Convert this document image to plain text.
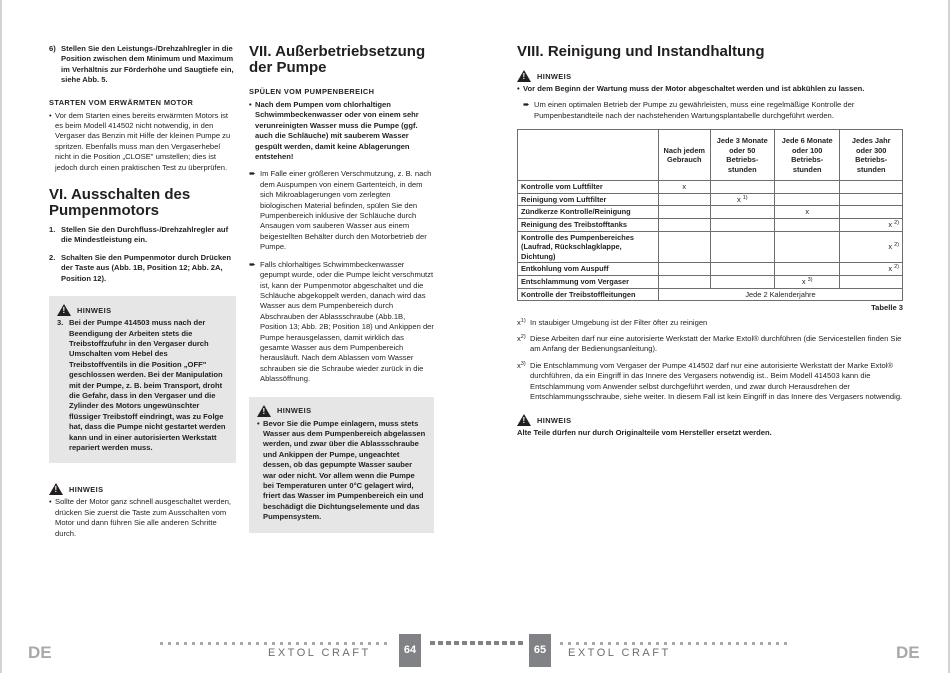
6) Stellen Sie den Leistungs-/Drehzahlregler in die Position zwischen dem Minimum und Maximum im Verhältnis zur Förderhöhe und Saugtiefe ein, siehe Abb. 5.

STARTEN VOM ERWÄRMTEN MOTOR

• Vor dem Starten eines bereits erwärmten Motors ist es beim Modell 414502 nicht notwendig, in den Vergaser das Benzin mit Hilfe der kleinen Pumpe zu spritzen. Ebenfalls muss man den Vergaserhebel nicht in die Position „CLOSE" umstellen; dies ist jedoch durch einen praktischen Test zu überprüfen.
VI. Ausschalten des Pumpenmotors
1. Stellen Sie den Durchfluss-/Drehzahlregler auf die Mindestleistung ein.
2. Schalten Sie den Pumpenmotor durch Drücken der Taste aus (Abb. 1B, Position 12; Abb. 2A, Position 12).
!
HINWEIS
3. Bei der Pumpe 414503 muss nach der Beendigung der Arbeiten stets die Treibstoffzufuhr in den Vergaser durch Umschalten vom Hebel des Treibstoffventils in die Position „OFF" geschlossen werden. Bei der Manipulation mit der Pumpe, z. B. beim Transport, droht die Gefahr, dass in den Vergaser und die Zylinder des Motors ungewünschter flüssiger Treibstoff eindringt, was zu Folge hat, dass die Pumpe nicht gestartet werden kann und in einer autorisierten Werkstatt repariert werden muss.
!
HINWEIS
• Sollte der Motor ganz schnell ausgeschaltet werden, drücken Sie zuerst die Taste zum Ausschalten vom Motor und dann führen Sie alle anderen Schritte durch.
VII. Außerbetriebsetzung der Pumpe

SPÜLEN VOM PUMPENBEREICH

• Nach dem Pumpen vom chlorhaltigen Schwimmbeckenwasser oder von einem sehr verunreinigten Wasser muss die Pumpe (ggf. auch die Schläuche) mit sauberem Wasser gespült werden, damit keine Ablagerungen entstehen!
➨ Im Falle einer größeren Verschmutzung, z. B. nach dem Auspumpen von einem Gartenteich, in dem sich Mikroablagerungen vom zerlegten biologischen Material befinden, spülen Sie den Pumpenbereich inklusive der Schläuche durch Ansaugen vom sauberen Wasser aus einem beigestellten Behälter durch den Motorbetrieb der Pumpe.
➨ Falls chlorhaltiges Schwimmbeckenwasser gepumpt wurde, oder die Pumpe leicht verschmutzt ist, kann der Pumpenmotor abgeschaltet und die Schläuche abgekoppelt werden, danach wird das Wasser aus dem Pumpenbereich durch Abschrauben der Ablassschraube (Abb.1B, Position 13; Abb. 2B; Position 18) und Ankippen der Pumpe herausgelassen, damit wirklich das gesamte Wasser aus dem Pumpenbereich herausläuft. Nach dem Ablassen vom Wasser schrauben sie die Schraube wieder zurück in die Ablassöffnung.
!
HINWEIS
• Bevor Sie die Pumpe einlagern, muss stets Wasser aus dem Pumpenbereich abgelassen werden, und zwar über die Ablassschraube und Ankippen der Pumpe, ungeachtet dessen, ob das gepumpte Wasser sauber war oder nicht. Vor allem wenn die Pumpe bei Temperaturen unter 0°C gelagert wird, friert das Wasser im Pumpenbereich ein und beschädigt die Dichtungselemente und das Pumpensystem.
VIII. Reinigung und Instandhaltung
!
HINWEIS
• Vor dem Beginn der Wartung muss der Motor abgeschaltet werden und ist abkühlen zu lassen.
➨ Um einen optimalen Betrieb der Pumpe zu gewährleisten, muss eine regelmäßige Kontrolle der Pumpenbestandteile nach der nachstehenden Wartungsplantabelle durchgeführt werden.
	Nach jedem Gebrauch	Jede 3 Monate oder 50 Betriebs-stunden	Jede 6 Monate oder 100 Betriebs-stunden	Jedes Jahr oder 300 Betriebs-stunden
Kontrolle vom Luftfilter	x			
Reinigung vom Luftfilter		x $^{1)}$		
Zündkerze Kontrolle/Reinigung			x	
Reinigung des Treibstofftanks				x $^{2)}$
Kontrolle des Pumpenbereiches (Laufrad, Rückschlagklappe, Dichtung)				x $^{2)}$
Entkohlung vom Auspuff				x $^{2)}$
Entschlammung vom Vergaser			x $^{3)}$	
Kontrolle der Treibstoffleitungen	Jede 2 Kalenderjahre			
Tabelle 3
$x^{1)}$ In staubiger Umgebung ist der Filter öfter zu reinigen
$x^{2)}$ Diese Arbeiten darf nur eine autorisierte Werkstatt der Marke Extol® durchführen (die Servicestellen finden Sie am Anfang der Bedienungsanleitung).
$x^{3)}$ Die Entschlammung vom Vergaser der Pumpe 414502 darf nur eine autorisierte Werkstatt der Marke Extol® durchführen, da ein Eingriff in das Innere des Vergasers notwendig ist.. Beim Modell 414503 kann die Entschlammung vom Anwender selbst durchgeführt werden, und zwar durch Herausdrehen der Entschlammungsschraube, siehe weiter. In diesem Fall ist kein Eingriff in das Innere des Vergasers notwendig.
!
HINWEIS
Alte Teile dürfen nur durch Originalteile vom Hersteller ersetzt werden.
DE	EXTOL CRAFT	64	65	EXTOL CRAFT	DE
